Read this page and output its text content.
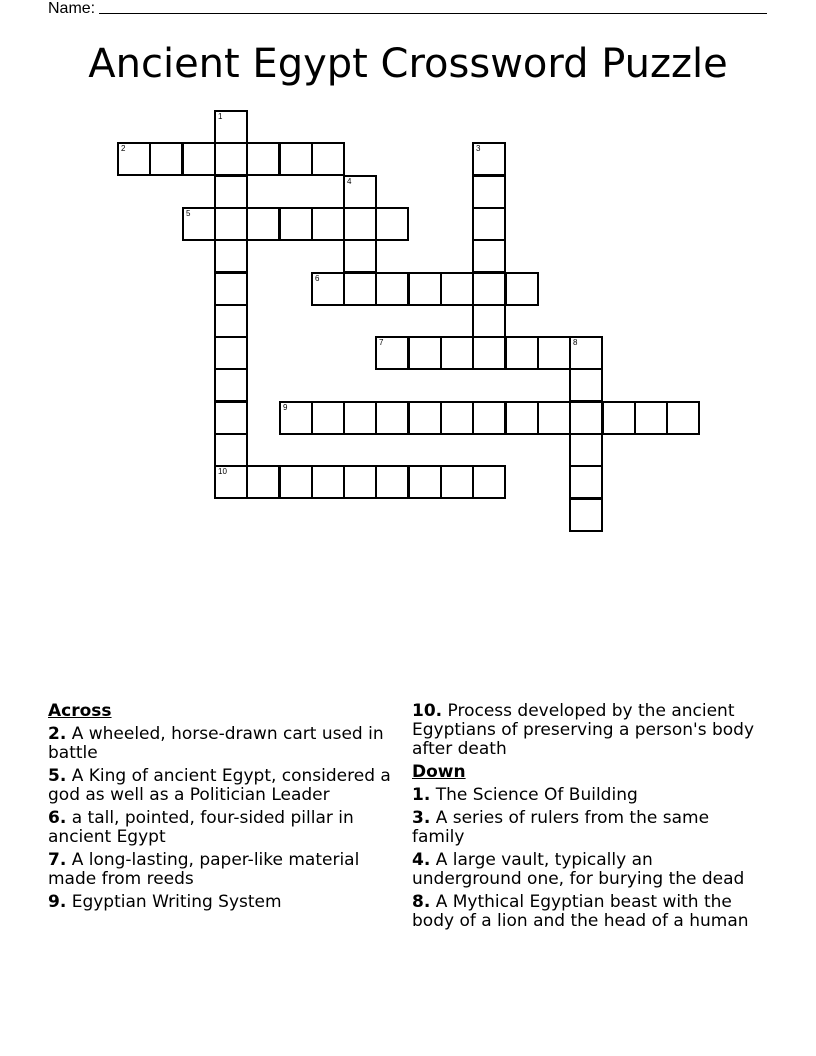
Name:
Ancient Egypt Crossword Puzzle
1
10
2	3
4
5
6
7	8
9
Across
2. A wheeled, horse-drawn cart used in battle
5. A King of ancient Egypt, considered a god as well as a Politician Leader
6. a tall, pointed, four-sided pillar in ancient Egypt
7. A long-lasting, paper-like material made from reeds
9. Egyptian Writing System
10. Process developed by the ancient Egyptians of preserving a person's body after death
Down
1. The Science Of Building
3. A series of rulers from the same family
4. A large vault, typically an underground one, for burying the dead
8. A Mythical Egyptian beast with the body of a lion and the head of a human
